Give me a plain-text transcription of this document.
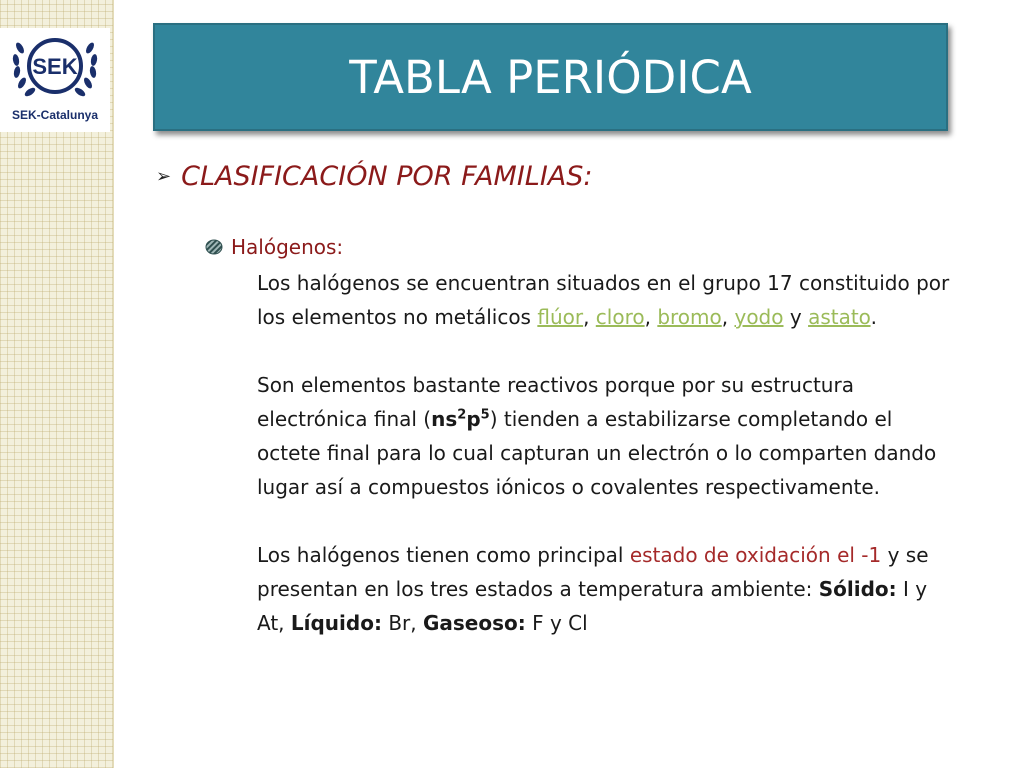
SEK
SEK-Catalunya
TABLA PERIÓDICA
➢ CLASIFICACIÓN POR FAMILIAS:
Halógenos:

Los halógenos se encuentran situados en el grupo 17 constituido por los elementos no metálicos flúor, cloro, bromo, yodo y astato.

Son elementos bastante reactivos porque por su estructura electrónica final $(ns^2p^5)$ tienden a estabilizarse completando el octete final para lo cual capturan un electrón o lo comparten dando lugar así a compuestos iónicos o covalentes respectivamente.

Los halógenos tienen como principal estado de oxidación el -1 y se presentan en los tres estados a temperatura ambiente: Sólido: I y At, Líquido: Br, Gaseoso: F y Cl
